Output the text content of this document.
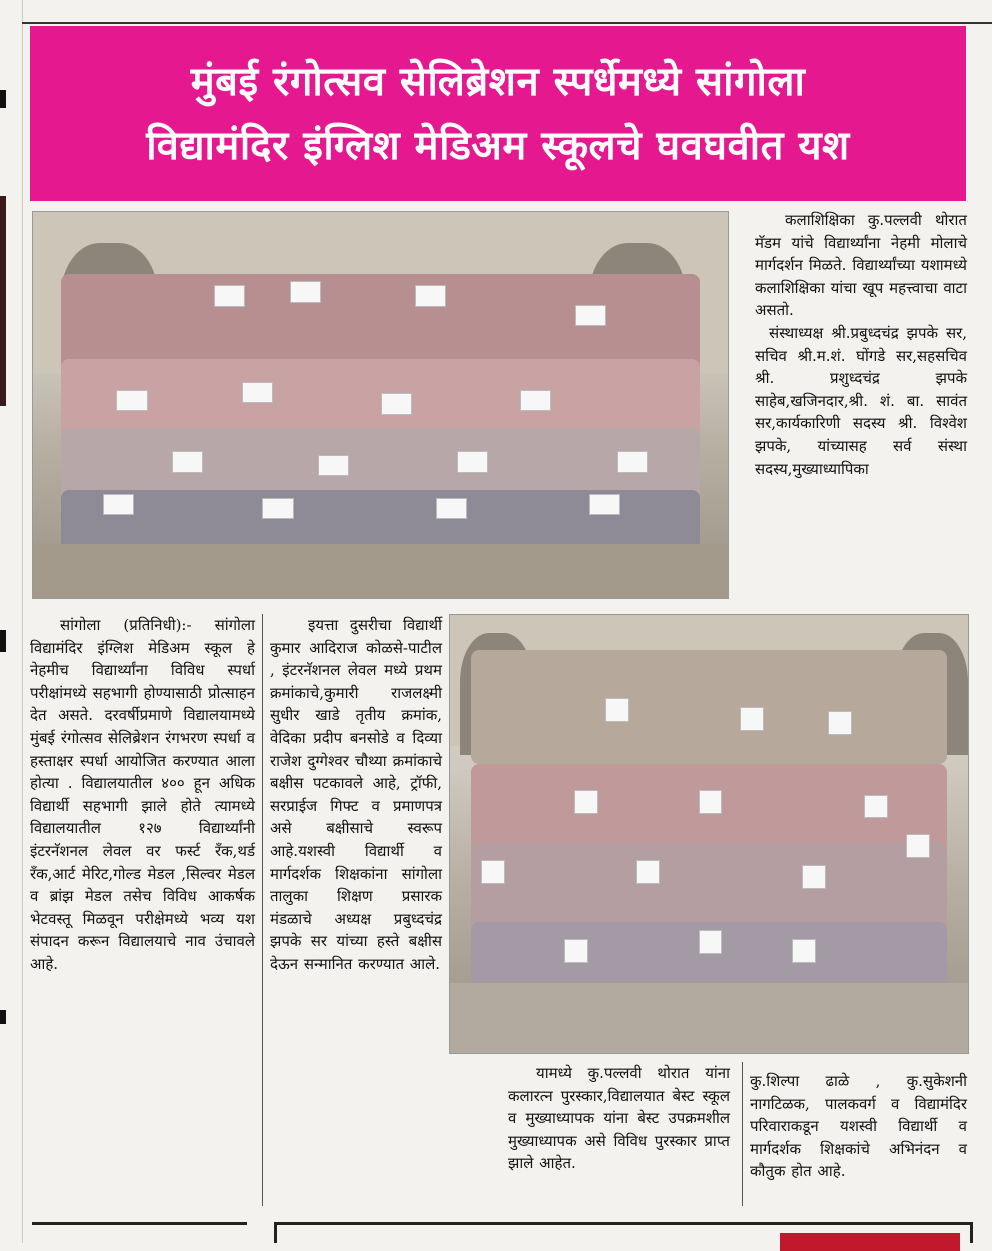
मुंबई रंगोत्सव सेलिब्रेशन स्पर्धेमध्ये सांगोला
विद्यामंदिर इंग्लिश मेडिअम स्कूलचे घवघवीत यश

कलाशिक्षिका कु.पल्लवी थोरात मॅडम यांचे विद्यार्थ्यांना नेहमी मोलाचे मार्गदर्शन मिळते. विद्यार्थ्यांच्या यशामध्ये कलाशिक्षिका यांचा खूप महत्त्वाचा वाटा असतो.

संस्थाध्यक्ष श्री.प्रबुध्दचंद्र झपके सर, सचिव श्री.म.शं. घोंगडे सर,सहसचिव श्री. प्रशुध्दचंद्र झपके साहेब,खजिनदार,श्री. शं. बा. सावंत सर,कार्यकारिणी सदस्य श्री. विश्वेश झपके, यांच्यासह सर्व संस्था सदस्य,मुख्याध्यापिका

सांगोला (प्रतिनिधी):- सांगोला विद्यामंदिर इंग्लिश मेडिअम स्कूल हे नेहमीच विद्यार्थ्यांना विविध स्पर्धा परीक्षांमध्ये सहभागी होण्यासाठी प्रोत्साहन देत असते. दरवर्षीप्रमाणे विद्यालयामध्ये मुंबई रंगोत्सव सेलिब्रेशन रंगभरण स्पर्धा व हस्ताक्षर स्पर्धा आयोजित करण्यात आला होत्या . विद्यालयातील ४०० हून अधिक विद्यार्थी सहभागी झाले होते त्यामध्ये विद्यालयातील १२७ विद्यार्थ्यांनी इंटरनॅशनल लेवल वर फर्स्ट रँक,थर्ड रँक,आर्ट मेरिट,गोल्ड मेडल ,सिल्वर मेडल व ब्रांझ मेडल तसेच विविध आकर्षक भेटवस्तू मिळवून परीक्षेमध्ये भव्य यश संपादन करून विद्यालयाचे नाव उंचावले आहे.

इयत्ता दुसरीचा विद्यार्थी कुमार आदिराज कोळसे-पाटील , इंटरनॅशनल लेवल मध्ये प्रथम क्रमांकाचे,कुमारी राजलक्ष्मी सुधीर खाडे तृतीय क्रमांक, वेदिका प्रदीप बनसोडे व दिव्या राजेश दुग्गेश्वर चौथ्या क्रमांकाचे बक्षीस पटकावले आहे, ट्रॉफी, सरप्राईज गिफ्ट व प्रमाणपत्र असे बक्षीसाचे स्वरूप आहे.यशस्वी विद्यार्थी व मार्गदर्शक शिक्षकांना सांगोला तालुका शिक्षण प्रसारक मंडळाचे अध्यक्ष प्रबुध्दचंद्र झपके सर यांच्या हस्ते बक्षीस देऊन सन्मानित करण्यात आले.

यामध्ये कु.पल्लवी थोरात यांना कलारत्न पुरस्कार,विद्यालयात बेस्ट स्कूल व मुख्याध्यापक यांना बेस्ट उपक्रमशील मुख्याध्यापक असे विविध पुरस्कार प्राप्त झाले आहेत.

कु.शिल्पा ढाळे , कु.सुकेशनी नागटिळक, पालकवर्ग व विद्यामंदिर परिवाराकडून यशस्वी विद्यार्थी व मार्गदर्शक शिक्षकांचे अभिनंदन व कौतुक होत आहे.
